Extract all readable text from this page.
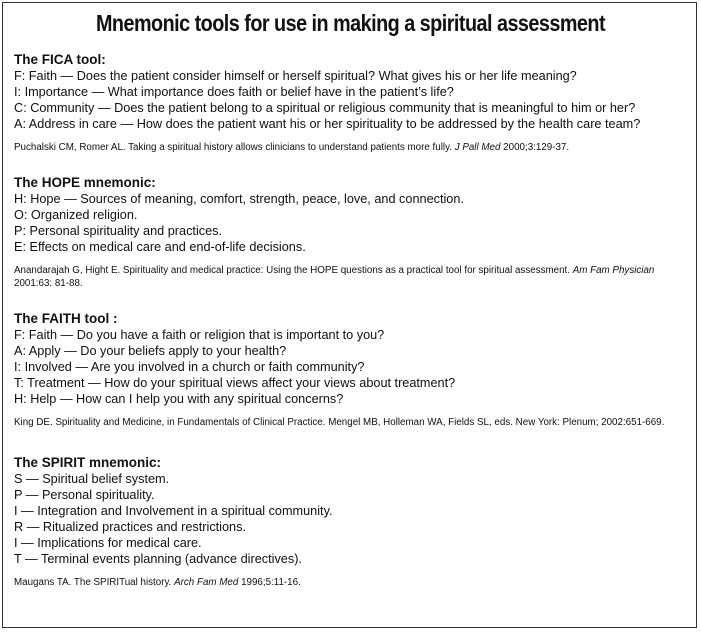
Mnemonic tools for use in making a spiritual assessment
The FICA tool:
F: Faith — Does the patient consider himself or herself spiritual? What gives his or her life meaning?
I: Importance — What importance does faith or belief have in the patient’s life?
C: Community — Does the patient belong to a spiritual or religious community that is meaningful to him or her?
A: Address in care — How does the patient want his or her spirituality to be addressed by the health care team?
Puchalski CM, Romer AL. Taking a spiritual history allows clinicians to understand patients more fully. J Pall Med 2000;3:129-37.
The HOPE mnemonic:
H: Hope — Sources of meaning, comfort, strength, peace, love, and connection.
O: Organized religion.
P: Personal spirituality and practices.
E: Effects on medical care and end-of-life decisions.
Anandarajah G, Hight E. Spirituality and medical practice: Using the HOPE questions as a practical tool for spiritual assessment. Am Fam Physician 2001:63: 81-88.
The FAITH tool :
F: Faith — Do you have a faith or religion that is important to you?
A: Apply — Do your beliefs apply to your health?
I: Involved — Are you involved in a church or faith community?
T: Treatment — How do your spiritual views affect your views about treatment?
H: Help — How can I help you with any spiritual concerns?
King DE. Spirituality and Medicine, in Fundamentals of Clinical Practice. Mengel MB, Holleman WA, Fields SL, eds. New York: Plenum; 2002:651-669.
The SPIRIT mnemonic:
S — Spiritual belief system.
P — Personal spirituality.
I — Integration and Involvement in a spiritual community.
R — Ritualized practices and restrictions.
I — Implications for medical care.
T — Terminal events planning (advance directives).
Maugans TA. The SPIRITual history. Arch Fam Med 1996;5:11-16.
